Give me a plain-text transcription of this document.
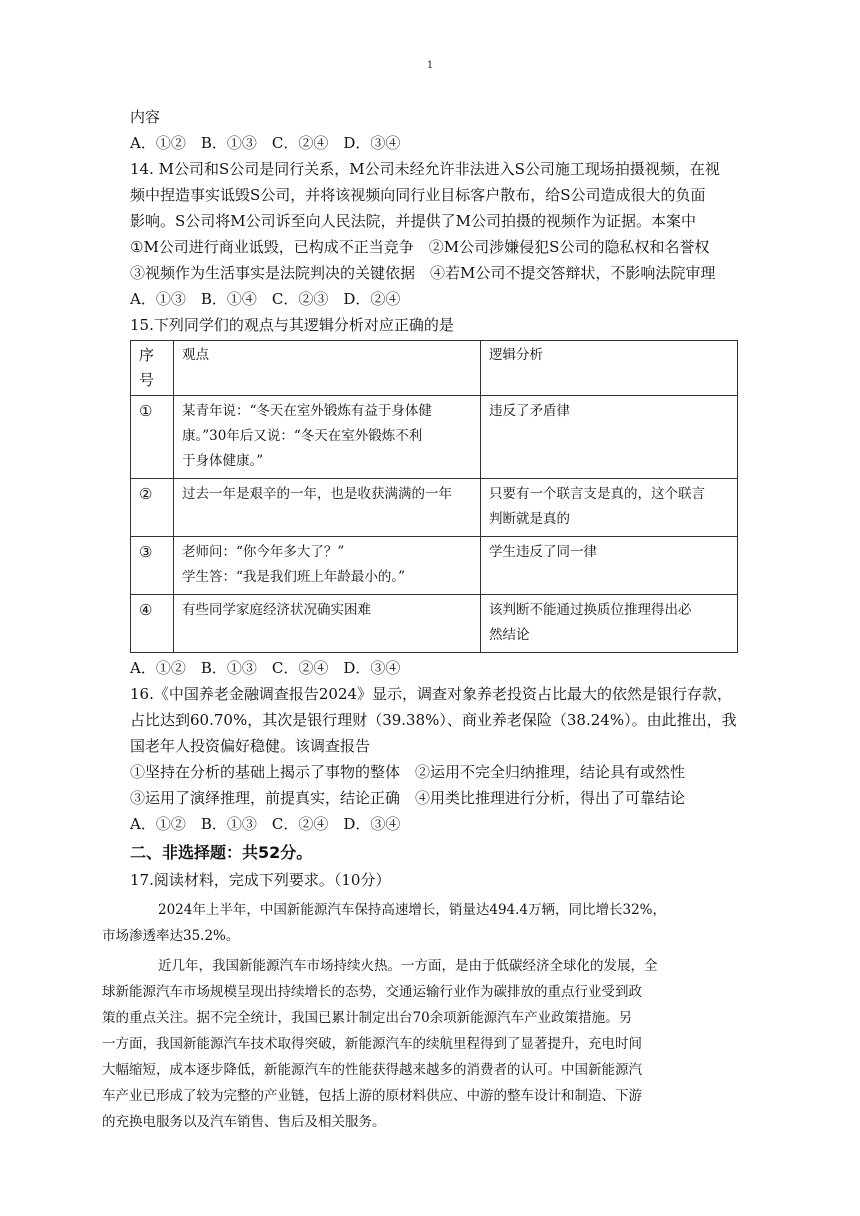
1
内容
A．①②　B．①③　C．②④　D．③④
14. M公司和S公司是同行关系，M公司未经允许非法进入S公司施工现场拍摄视频，在视
频中捏造事实诋毁S公司，并将该视频向同行业目标客户散布，给S公司造成很大的负面
影响。S公司将M公司诉至向人民法院，并提供了M公司拍摄的视频作为证据。本案中
①M公司进行商业诋毁，已构成不正当竞争　②M公司涉嫌侵犯S公司的隐私权和名誉权
③视频作为生活事实是法院判决的关键依据　④若M公司不提交答辩状，不影响法院审理
A．①③　B．①④　C．②③　D．②④
15.下列同学们的观点与其逻辑分析对应正确的是
序号	观点	逻辑分析
①	某青年说：“冬天在室外锻炼有益于身体健
康。”30年后又说：“冬天在室外锻炼不利
于身体健康。”	违反了矛盾律

②	过去一年是艰辛的一年，也是收获满满的一年	只要有一个联言支是真的，这个联言
判断就是真的

③	老师问：“你今年多大了？”
学生答：“我是我们班上年龄最小的。”	学生违反了同一律

④	有些同学家庭经济状况确实困难	该判断不能通过换质位推理得出必
然结论
A．①②　B．①③　C．②④　D．③④
16.《中国养老金融调查报告2024》显示，调查对象养老投资占比最大的依然是银行存款，
占比达到60.70%，其次是银行理财（39.38%）、商业养老保险（38.24%）。由此推出，我
国老年人投资偏好稳健。该调查报告
①坚持在分析的基础上揭示了事物的整体　②运用不完全归纳推理，结论具有或然性
③运用了演绎推理，前提真实，结论正确　④用类比推理进行分析，得出了可靠结论
A．①②　B．①③　C．②④　D．③④
二、非选择题：共52分。
17.阅读材料，完成下列要求。（10分）
2024年上半年，中国新能源汽车保持高速增长，销量达494.4万辆，同比增长32%，
市场渗透率达35.2%。
近几年，我国新能源汽车市场持续火热。一方面，是由于低碳经济全球化的发展，全
球新能源汽车市场规模呈现出持续增长的态势，交通运输行业作为碳排放的重点行业受到政
策的重点关注。据不完全统计，我国已累计制定出台70余项新能源汽车产业政策措施。另
一方面，我国新能源汽车技术取得突破，新能源汽车的续航里程得到了显著提升，充电时间
大幅缩短，成本逐步降低，新能源汽车的性能获得越来越多的消费者的认可。中国新能源汽
车产业已形成了较为完整的产业链，包括上游的原材料供应、中游的整车设计和制造、下游
的充换电服务以及汽车销售、售后及相关服务。
